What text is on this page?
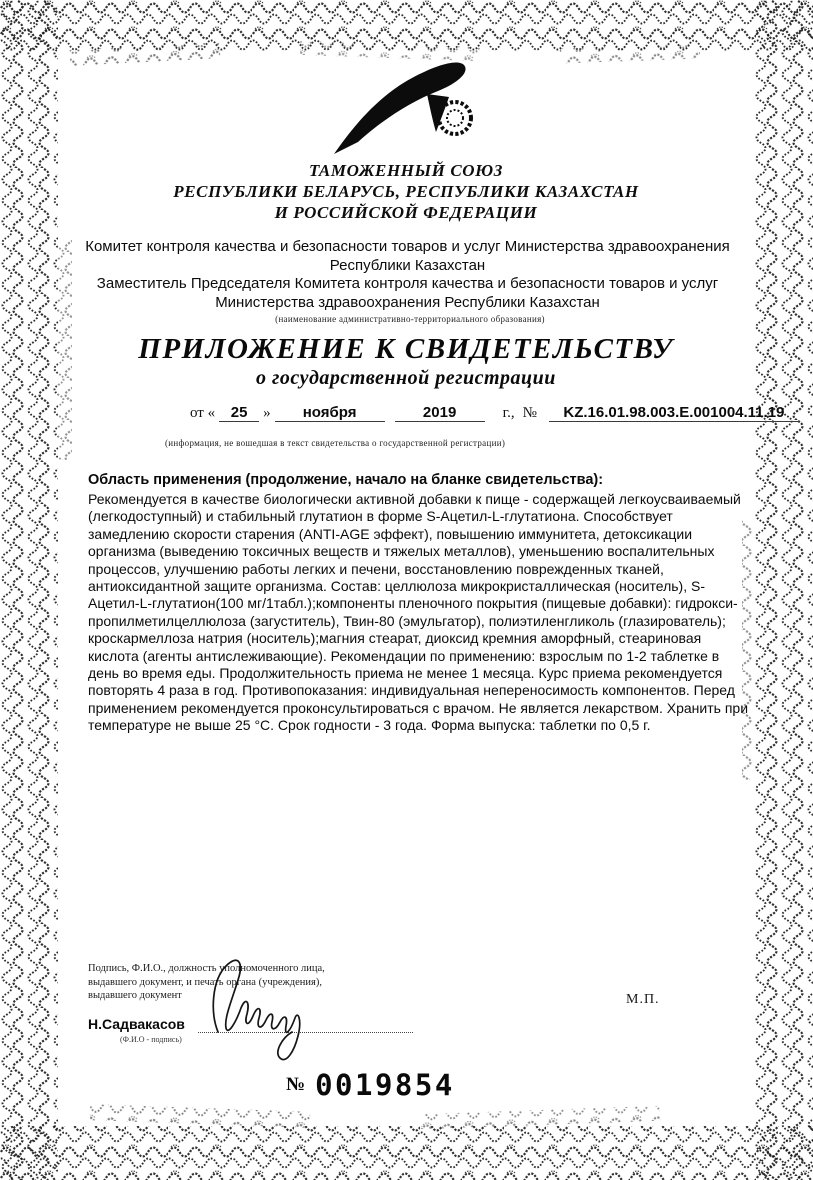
ТАМОЖЕННЫЙ СОЮЗ
РЕСПУБЛИКИ БЕЛАРУСЬ, РЕСПУБЛИКИ КАЗАХСТАН
И РОССИЙСКОЙ ФЕДЕРАЦИИ
Комитет контроля качества и безопасности товаров и услуг Министерства здравоохранения Республики Казахстан
Заместитель Председателя Комитета контроля качества и безопасности товаров и услуг Министерства здравоохранения Республики Казахстан
(наименование административно-территориального образования)
ПРИЛОЖЕНИЕ К СВИДЕТЕЛЬСТВУ
о государственной регистрации
от «	25	»	ноября	2019	г., №	KZ.16.01.98.003.Е.001004.11.19
(информация, не вошедшая в текст свидетельства о государственной регистрации)
Область применения (продолжение, начало на бланке свидетельства):
Рекомендуется в качестве биологически активной добавки к пище - содержащей легкоусваиваемый (легкодоступный) и стабильный глутатион в форме S-Ацетил-L-глутатиона. Способствует замедлению скорости старения (ANTI-AGE эффект), повышению иммунитета, детоксикации организма (выведению токсичных веществ и тяжелых металлов), уменьшению воспалительных процессов, улучшению работы легких и печени, восстановлению поврежденных тканей, антиоксидантной защите организма. Состав: целлюлоза микрокристаллическая (носитель), S-Ацетил-L-глутатион(100 мг/1табл.);компоненты пленочного покрытия (пищевые добавки): гидрокси-пропилметилцеллюлоза (загуститель), Твин-80 (эмульгатор), полиэтиленгликоль (глазирователь); кроскармеллоза натрия (носитель);магния стеарат, диоксид кремния аморфный, стеариновая кислота (агенты антислеживающие). Рекомендации по применению: взрослым по 1-2 таблетке в день во время еды. Продолжительность приема не менее 1 месяца. Курс приема рекомендуется повторять 4 раза в год. Противопоказания: индивидуальная непереносимость компонентов. Перед применением рекомендуется проконсультироваться с врачом. Не является лекарством. Хранить при температуре не выше 25 °С. Срок годности - 3 года. Форма выпуска: таблетки по 0,5 г.
Подпись, Ф.И.О., должность уполномоченного лица,
выдавшего документ, и печать органа (учреждения),
выдавшего документ
Н.Садвакасов
(Ф.И.О - подпись)
М.П.
№ 0019854
